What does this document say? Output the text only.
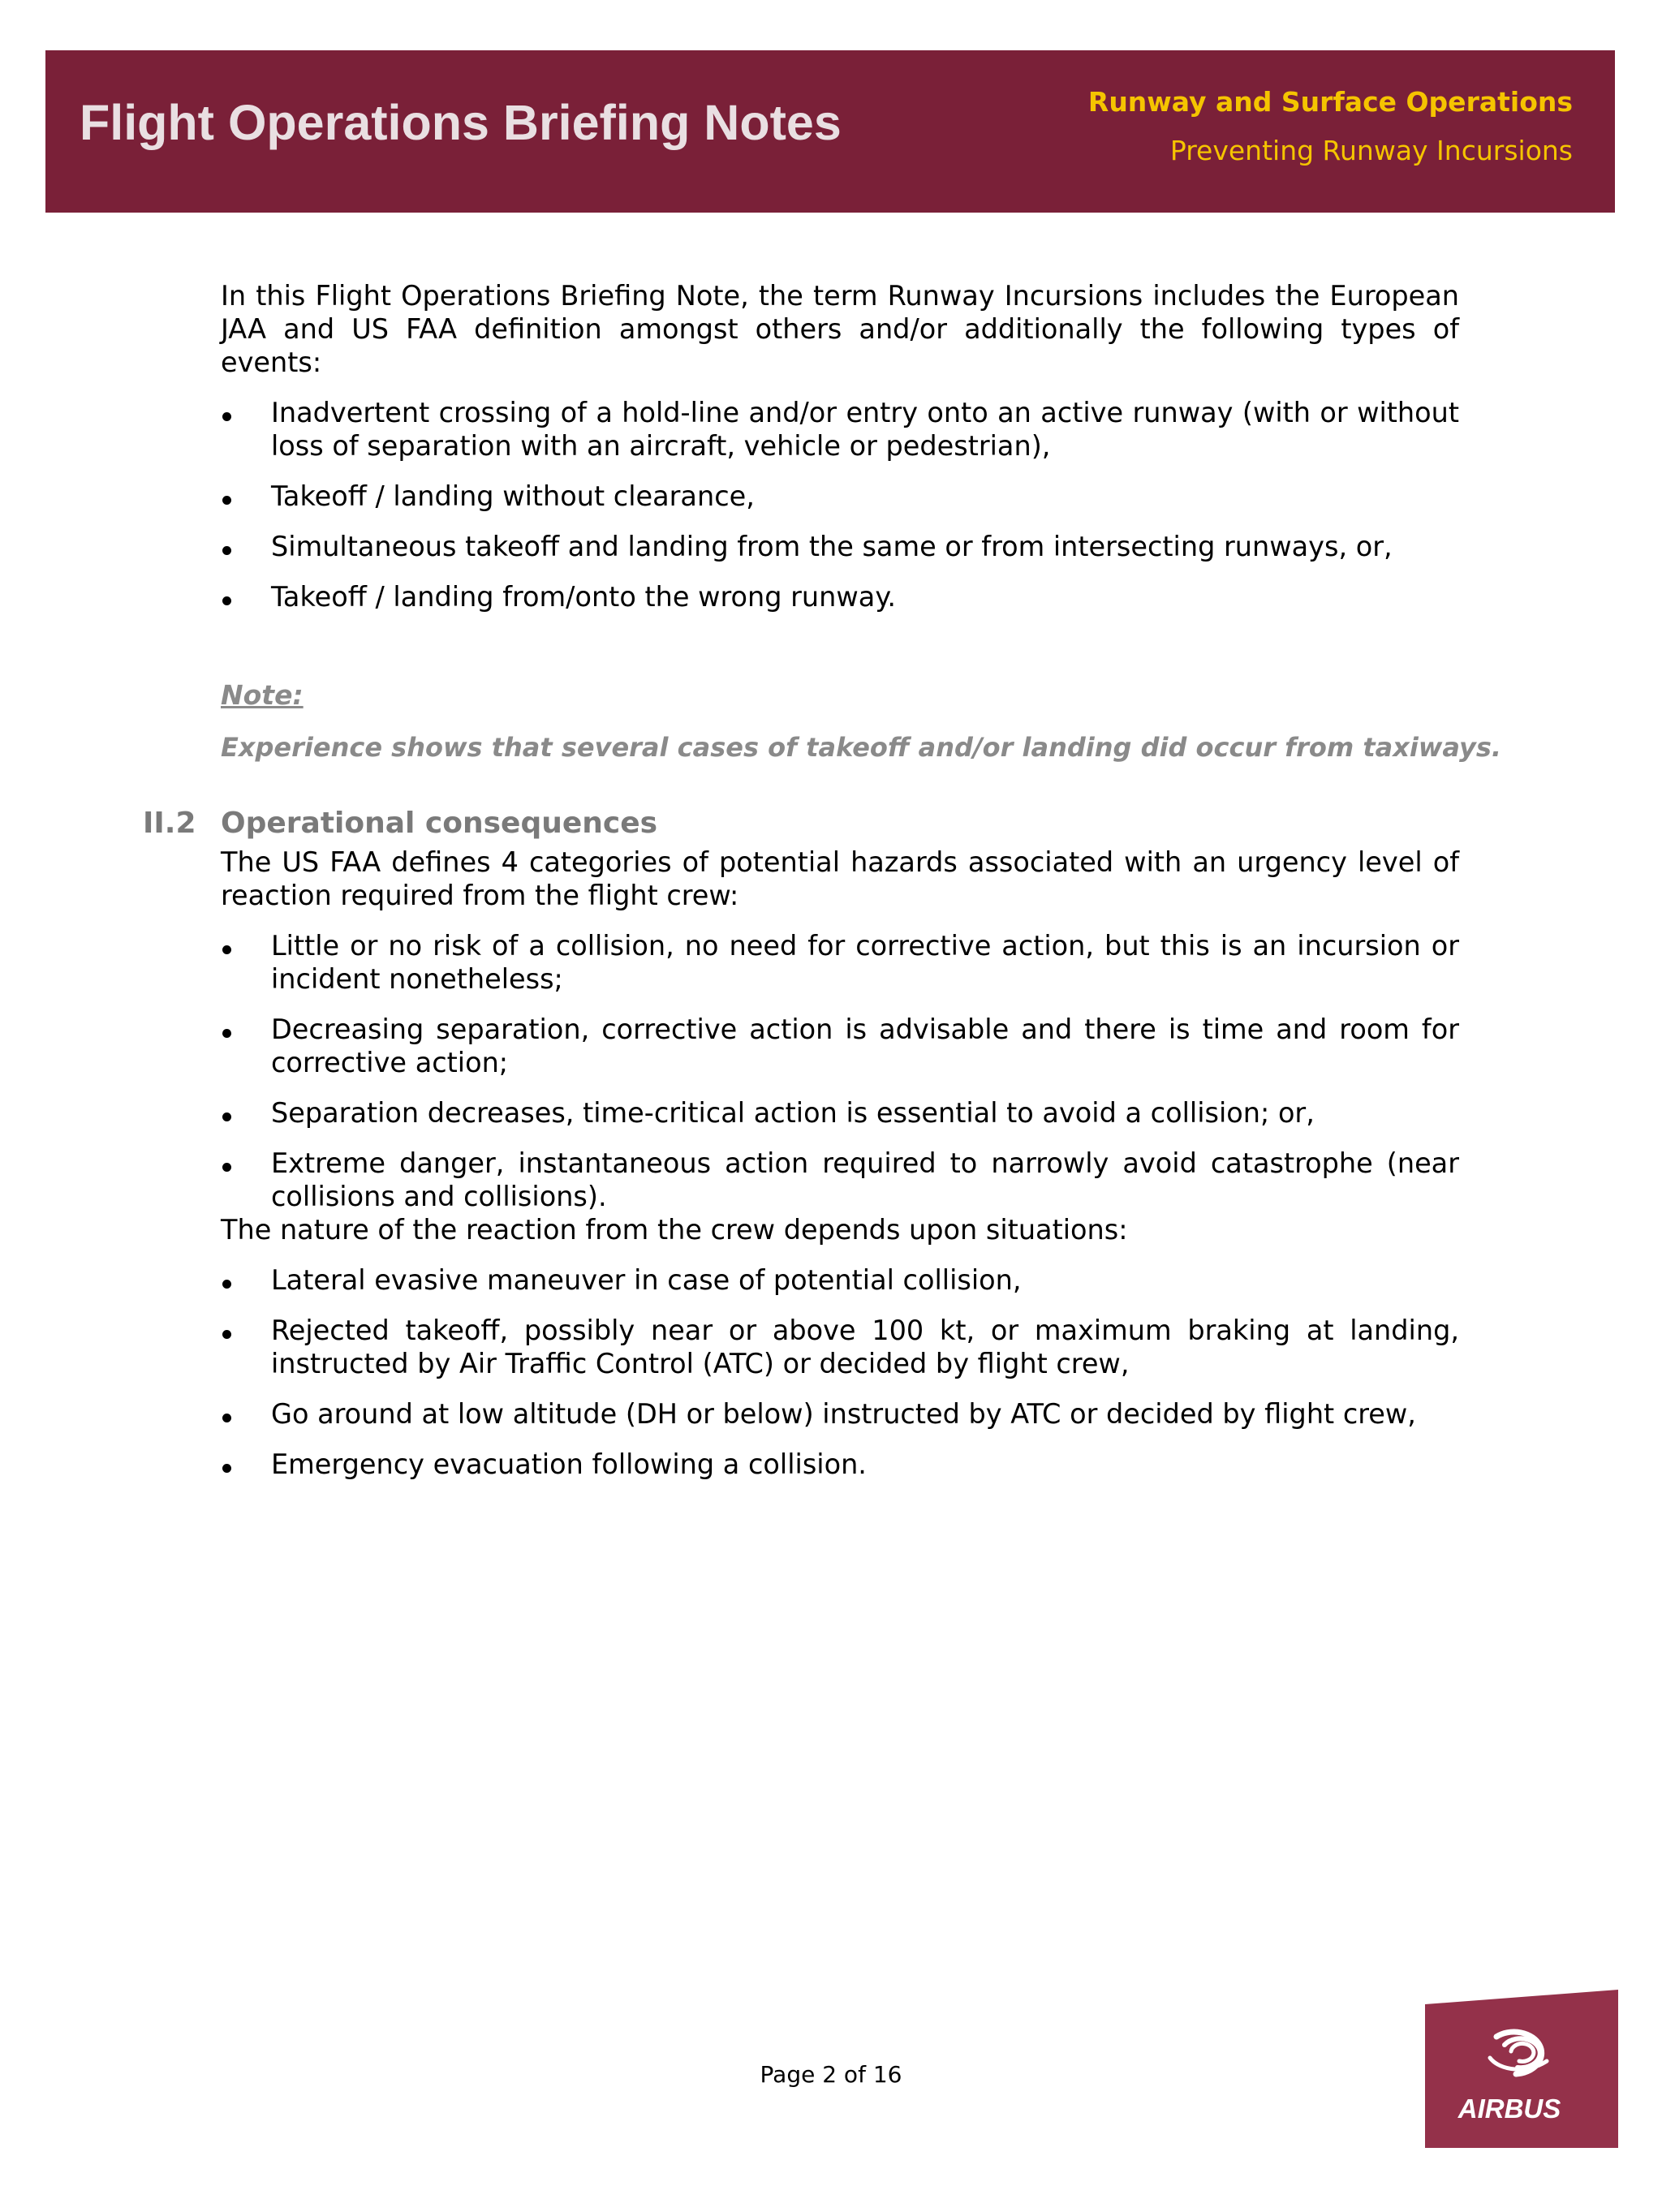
Flight Operations Briefing Notes	Runway and Surface Operations
Preventing Runway Incursions

In this Flight Operations Briefing Note, the term Runway Incursions includes the European JAA and US FAA definition amongst others and/or additionally the following types of events:

Inadvertent crossing of a hold-line and/or entry onto an active runway (with or without loss of separation with an aircraft, vehicle or pedestrian),
Takeoff / landing without clearance,
Simultaneous takeoff and landing from the same or from intersecting runways, or,
Takeoff / landing from/onto the wrong runway.
Note:
Experience shows that several cases of takeoff and/or landing did occur from taxiways.
II.2 Operational consequences

The US FAA defines 4 categories of potential hazards associated with an urgency level of reaction required from the flight crew:

Little or no risk of a collision, no need for corrective action, but this is an incursion or incident nonetheless;
Decreasing separation, corrective action is advisable and there is time and room for corrective action;
Separation decreases, time-critical action is essential to avoid a collision; or,
Extreme danger, instantaneous action required to narrowly avoid catastrophe (near collisions and collisions).

The nature of the reaction from the crew depends upon situations:

Lateral evasive maneuver in case of potential collision,
Rejected takeoff, possibly near or above 100 kt, or maximum braking at landing, instructed by Air Traffic Control (ATC) or decided by flight crew,
Go around at low altitude (DH or below) instructed by ATC or decided by flight crew,
Emergency evacuation following a collision.
Page 2 of 16
AIRBUS
